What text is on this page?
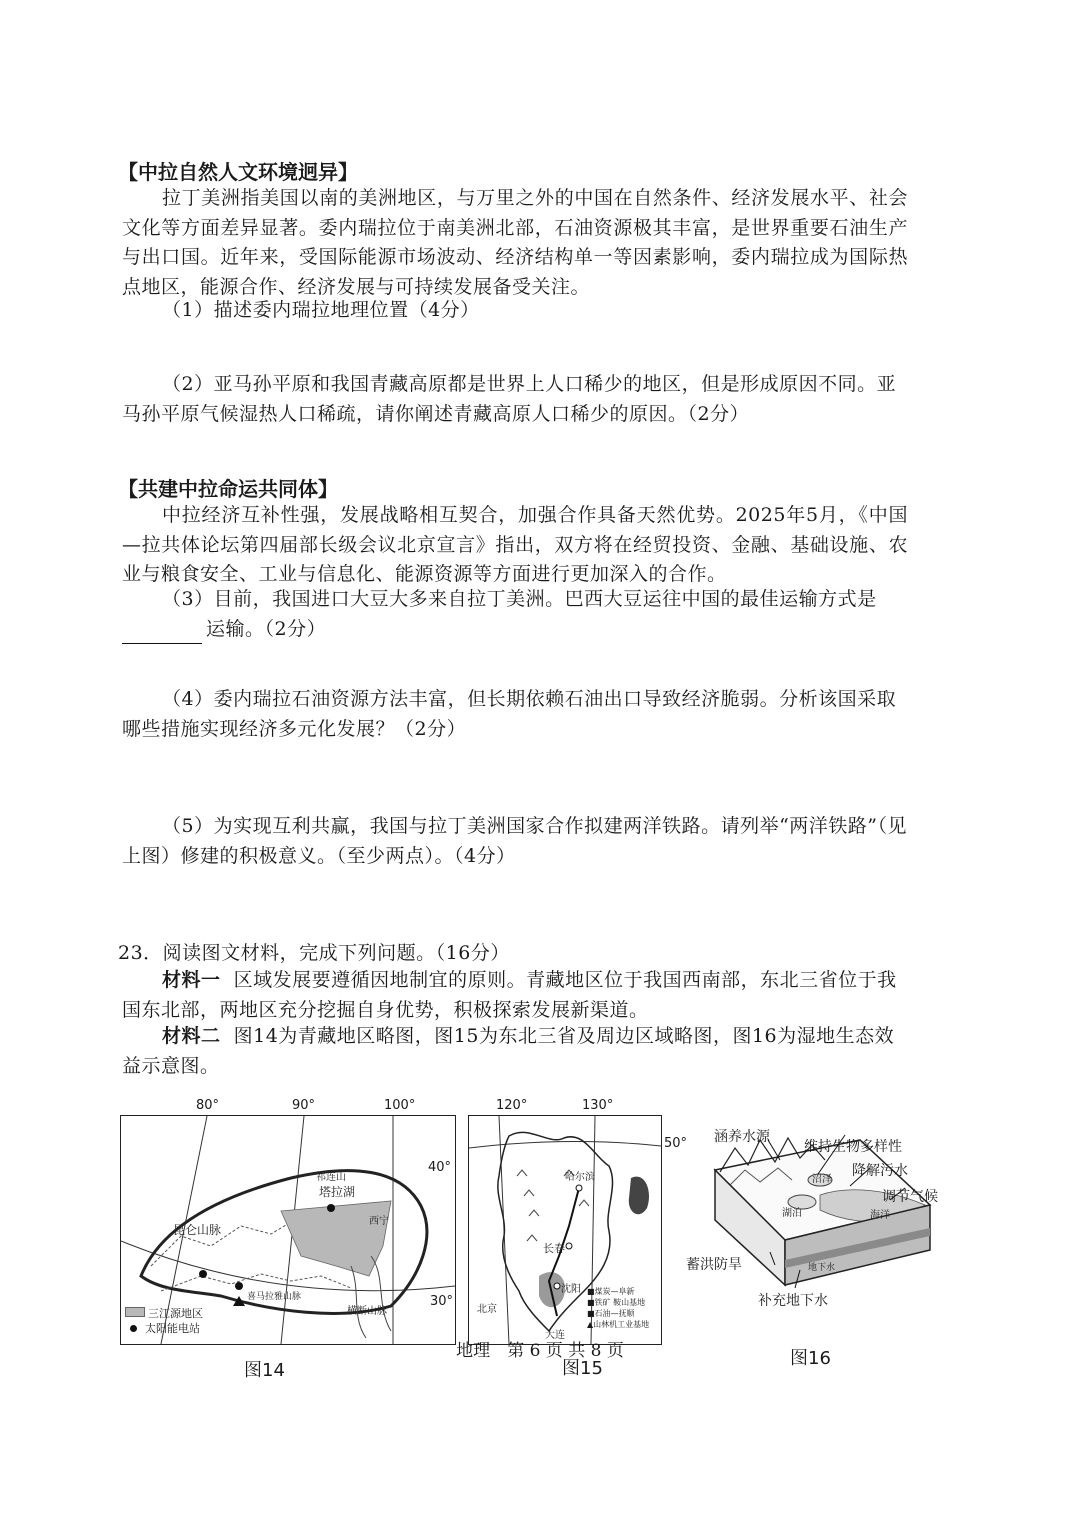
【中拉自然人文环境迥异】
拉丁美洲指美国以南的美洲地区，与万里之外的中国在自然条件、经济发展水平、社会文化等方面差异显著。委内瑞拉位于南美洲北部，石油资源极其丰富，是世界重要石油生产与出口国。近年来，受国际能源市场波动、经济结构单一等因素影响，委内瑞拉成为国际热点地区，能源合作、经济发展与可持续发展备受关注。
（1）描述委内瑞拉地理位置（4分）
（2）亚马孙平原和我国青藏高原都是世界上人口稀少的地区，但是形成原因不同。亚马孙平原气候湿热人口稀疏，请你阐述青藏高原人口稀少的原因。（2分）
【共建中拉命运共同体】
中拉经济互补性强，发展战略相互契合，加强合作具备天然优势。2025年5月，《中国—拉共体论坛第四届部长级会议北京宣言》指出，双方将在经贸投资、金融、基础设施、农业与粮食安全、工业与信息化、能源资源等方面进行更加深入的合作。
（3）目前，我国进口大豆大多来自拉丁美洲。巴西大豆运往中国的最佳运输方式是 运输。（2分）
（4）委内瑞拉石油资源方法丰富，但长期依赖石油出口导致经济脆弱。分析该国采取哪些措施实现经济多元化发展？（2分）
（5）为实现互利共赢，我国与拉丁美洲国家合作拟建两洋铁路。请列举“两洋铁路”（见上图）修建的积极意义。（至少两点）。（4分）
23．阅读图文材料，完成下列问题。（16分）
材料一 区域发展要遵循因地制宜的原则。青藏地区位于我国西南部，东北三省位于我国东北部，两地区充分挖掘自身优势，积极探索发展新渠道。
材料二 图14为青藏地区略图，图15为东北三省及周边区域略图，图16为湿地生态效益示意图。
80°	90°	100°
昆仑山脉
塔拉湖
西宁
横断山脉
喜马拉雅山脉
祁连山
三江源地区
太阳能电站
40°
30°
图14
120°	130°
哈尔滨
长春
沈阳
北京
大连
■煤炭—阜新
■铁矿 鞍山基地
■石油—抚顺
▲山林机工业基地
50°
图15
湖泊
沼泽
海洋
地下水
涵养水源
维持生物多样性
降解污水
调节气候
蓄洪防旱
补充地下水
图16
地理　第 6 页 共 8 页
